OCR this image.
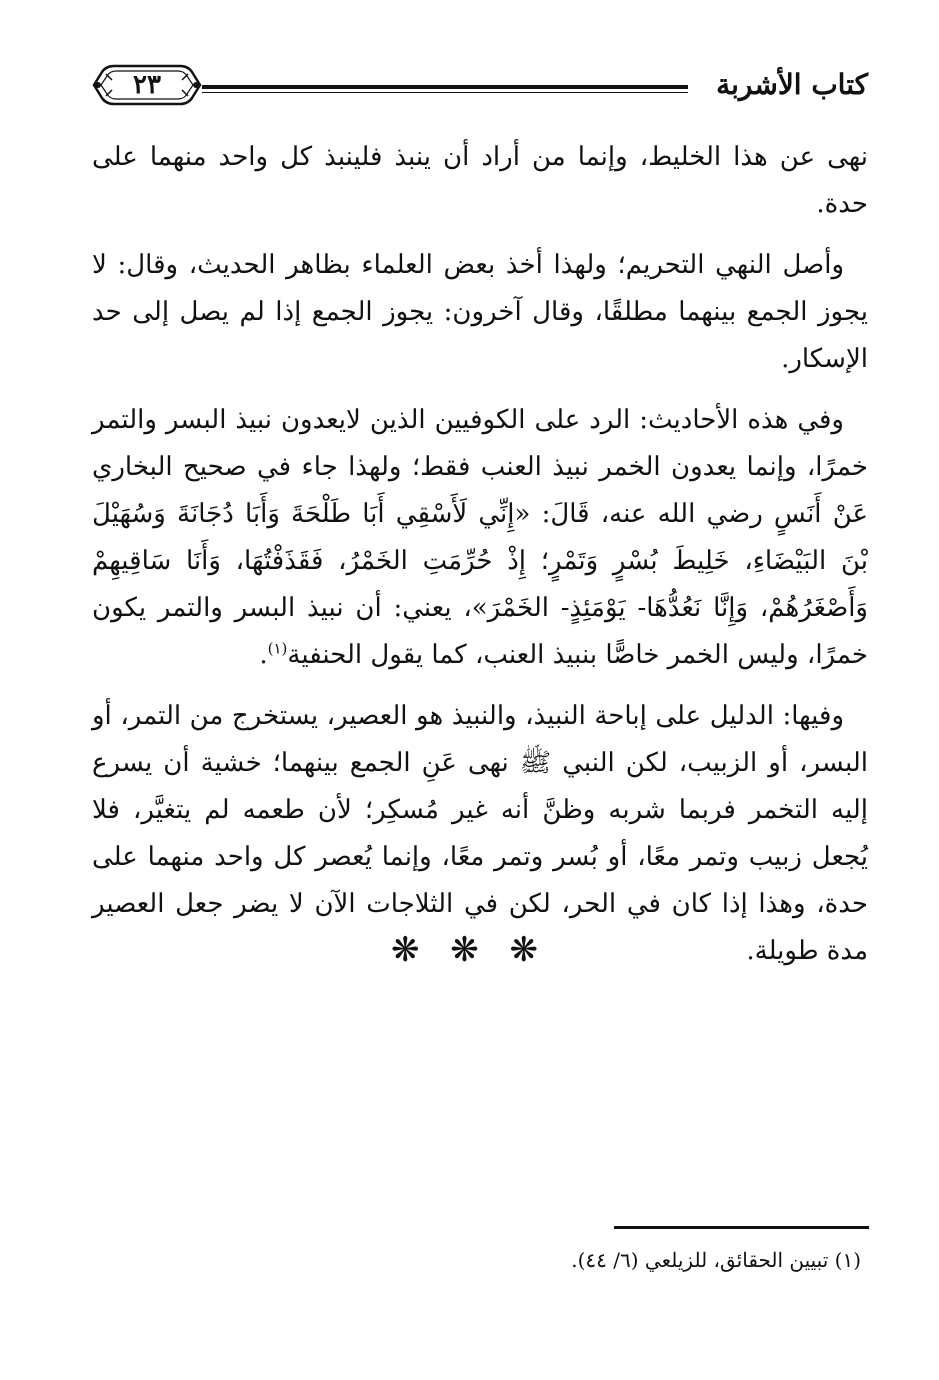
كتاب الأشربة
٢٣

نهى عن هذا الخليط، وإنما من أراد أن ينبذ فلينبذ كل واحد منهما على حدة.

وأصل النهي التحريم؛ ولهذا أخذ بعض العلماء بظاهر الحديث، وقال: لا يجوز الجمع بينهما مطلقًا، وقال آخرون: يجوز الجمع إذا لم يصل إلى حد الإسكار.

وفي هذه الأحاديث: الرد على الكوفيين الذين لايعدون نبيذ البسر والتمر خمرًا، وإنما يعدون الخمر نبيذ العنب فقط؛ ولهذا جاء في صحيح البخاري عَنْ أَنَسٍ رضي الله عنه، قَالَ: «إِنِّي لَأَسْقِي أَبَا طَلْحَةَ وَأَبَا دُجَانَةَ وَسُهَيْلَ بْنَ البَيْضَاءِ، خَلِيطَ بُسْرٍ وَتَمْرٍ؛ إِذْ حُرِّمَتِ الخَمْرُ، فَقَذَفْتُهَا، وَأَنَا سَاقِيهِمْ وَأَصْغَرُهُمْ، وَإِنَّا نَعُدُّهَا- يَوْمَئِذٍ- الخَمْرَ»، يعني: أن نبيذ البسر والتمر يكون خمرًا، وليس الخمر خاصًّا بنبيذ العنب، كما يقول الحنفية$^{(١)}$.

وفيها: الدليل على إباحة النبيذ، والنبيذ هو العصير، يستخرج من التمر، أو البسر، أو الزبيب، لكن النبي ﷺ نهى عَنِ الجمع بينهما؛ خشية أن يسرع إليه التخمر فربما شربه وظنَّ أنه غير مُسكِر؛ لأن طعمه لم يتغيَّر، فلا يُجعل زبيب وتمر معًا، أو بُسر وتمر معًا، وإنما يُعصر كل واحد منهما على حدة، وهذا إذا كان في الحر، لكن في الثلاجات الآن لا يضر جعل العصير مدة طويلة.

❋ ❋ ❋
(١) تبيين الحقائق، للزيلعي (٦/ ٤٤).
